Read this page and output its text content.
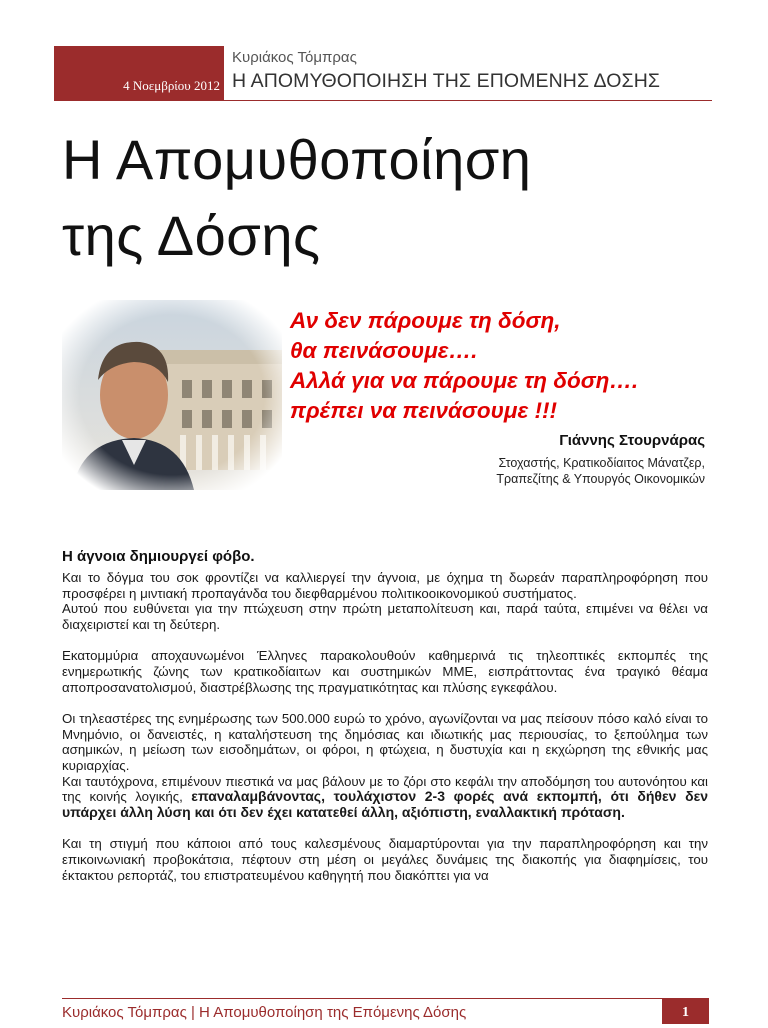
4 Νοεμβρίου 2012
Κυριάκος Τόμπρας
Η ΑΠΟΜΥΘΟΠΟΙΗΣΗ ΤΗΣ ΕΠΟΜΕΝΗΣ ΔΟΣΗΣ
Η Απομυθοποίηση
της Δόσης
Αν δεν πάρουμε τη δόση,
θα πεινάσουμε….
Αλλά για να πάρουμε τη δόση….
πρέπει να πεινάσουμε !!!
Γιάννης Στουρνάρας
Στοχαστής, Κρατικοδίαιτος Μάνατζερ,
Τραπεζίτης & Υπουργός Οικονομικών
Η άγνοια δημιουργεί φόβο.

Και το δόγμα του σοκ φροντίζει να καλλιεργεί την άγνοια, με όχημα τη δωρεάν παραπληροφόρηση που προσφέρει η μιντιακή προπαγάνδα του διεφθαρμένου πολιτικοοικονομικού συστήματος.

Αυτού που ευθύνεται για την πτώχευση στην πρώτη μεταπολίτευση και, παρά ταύτα, επιμένει να θέλει να διαχειριστεί και τη δεύτερη.

Εκατομμύρια αποχαυνωμένοι Έλληνες παρακολουθούν καθημερινά τις τηλεοπτικές εκπομπές της ενημερωτικής ζώνης των κρατικοδίαιτων και συστημικών ΜΜΕ, εισπράττοντας ένα τραγικό θέαμα αποπροσανατολισμού, διαστρέβλωσης της πραγματικότητας και πλύσης εγκεφάλου.

Οι τηλεαστέρες της ενημέρωσης των 500.000 ευρώ το χρόνο, αγωνίζονται να μας πείσουν πόσο καλό είναι το Μνημόνιο, οι δανειστές, η καταλήστευση της δημόσιας και ιδιωτικής μας περιουσίας, το ξεπούλημα των ασημικών, η μείωση των εισοδημάτων, οι φόροι, η φτώχεια, η δυστυχία και η εκχώρηση της εθνικής μας κυριαρχίας.

Και ταυτόχρονα, επιμένουν πιεστικά να μας βάλουν με το ζόρι στο κεφάλι την αποδόμηση του αυτονόητου και της κοινής λογικής, επαναλαμβάνοντας, τουλάχιστον 2-3 φορές ανά εκπομπή, ότι δήθεν δεν υπάρχει άλλη λύση και ότι δεν έχει κατατεθεί άλλη, αξιόπιστη, εναλλακτική πρόταση.

Και τη στιγμή που κάποιοι από τους καλεσμένους διαμαρτύρονται για την παραπληροφόρηση και την επικοινωνιακή προβοκάτσια, πέφτουν στη μέση οι μεγάλες δυνάμεις της διακοπής για διαφημίσεις, του έκτακτου ρεπορτάζ, του επιστρατευμένου καθηγητή που διακόπτει για να

Κυριάκος Τόμπρας | Η Απομυθοποίηση της Επόμενης Δόσης	1
